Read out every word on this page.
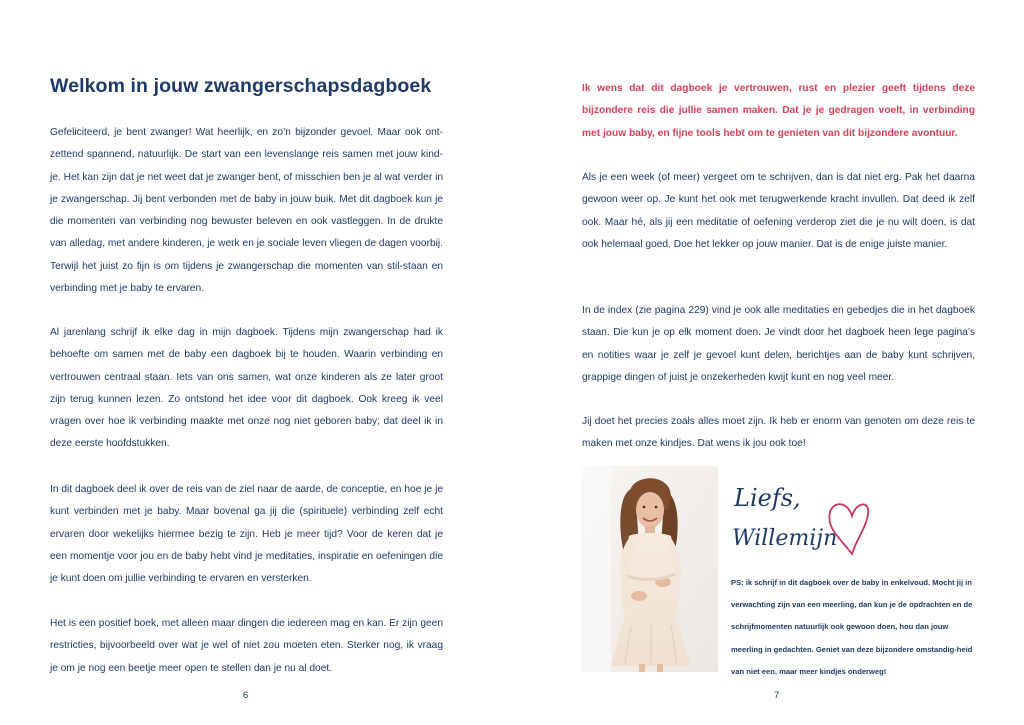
Welkom in jouw zwangerschapsdagboek

Gefeliciteerd, je bent zwanger! Wat heerlijk, en zo’n bijzonder gevoel. Maar ook ont-zettend spannend, natuurlijk. De start van een levenslange reis samen met jouw kind-je. Het kan zijn dat je net weet dat je zwanger bent, of misschien ben je al wat verder in je zwangerschap. Jij bent verbonden met de baby in jouw buik. Met dit dagboek kun je die momenten van verbinding nog bewuster beleven en ook vastleggen. In de drukte van alledag, met andere kinderen, je werk en je sociale leven vliegen de dagen voorbij. Terwijl het juist zo fijn is om tijdens je zwangerschap die momenten van stil-staan en verbinding met je baby te ervaren.

Al jarenlang schrijf ik elke dag in mijn dagboek. Tijdens mijn zwangerschap had ik behoefte om samen met de baby een dagboek bij te houden. Waarin verbinding en vertrouwen centraal staan. Iets van ons samen, wat onze kinderen als ze later groot zijn terug kunnen lezen. Zo ontstond het idee voor dit dagboek. Ook kreeg ik veel vragen over hoe ik verbinding maakte met onze nog niet geboren baby; dat deel ik in deze eerste hoofdstukken.

In dit dagboek deel ik over de reis van de ziel naar de aarde, de conceptie, en hoe je je kunt verbinden met je baby. Maar bovenal ga jij die (spirituele) verbinding zelf echt ervaren door wekelijks hiermee bezig te zijn. Heb je meer tijd? Voor de keren dat je een momentje voor jou en de baby hebt vind je meditaties, inspiratie en oefeningen die je kunt doen om jullie verbinding te ervaren en versterken.

Het is een positief boek, met alleen maar dingen die iedereen mag en kan. Er zijn geen restricties, bijvoorbeeld over wat je wel of niet zou moeten eten. Sterker nog, ik vraag je om je nog een beetje meer open te stellen dan je nu al doet.

6

Ik wens dat dit dagboek je vertrouwen, rust en plezier geeft tijdens deze bijzondere reis die jullie samen maken. Dat je je gedragen voelt, in verbinding met jouw baby, en fijne tools hebt om te genieten van dit bijzondere avontuur.

Als je een week (of meer) vergeet om te schrijven, dan is dat niet erg. Pak het daarna gewoon weer op. Je kunt het ook met terugwerkende kracht invullen. Dat deed ik zelf ook. Maar hé, als jij een meditatie of oefening verderop ziet die je nu wilt doen, is dat ook helemaal goed. Doe het lekker op jouw manier. Dat is de enige juiste manier.

In de index (zie pagina 229) vind je ook alle meditaties en gebedjes die in het dagboek staan. Die kun je op elk moment doen. Je vindt door het dagboek heen lege pagina’s en notities waar je zelf je gevoel kunt delen, berichtjes aan de baby kunt schrijven, grappige dingen of juist je onzekerheden kwijt kunt en nog veel meer.

Jij doet het precies zoals alles moet zijn. Ik heb er enorm van genoten om deze reis te maken met onze kindjes. Dat wens ik jou ook toe!

Liefs,
Willemijn

PS: ik schrijf in dit dagboek over de baby in enkelvoud. Mocht jij in verwachting zijn van een meerling, dan kun je de opdrachten en de schrijfmomenten natuurlijk ook gewoon doen, hou dan jouw meerling in gedachten. Geniet van deze bijzondere omstandig-heid van niet een, maar meer kindjes onderweg!

7
